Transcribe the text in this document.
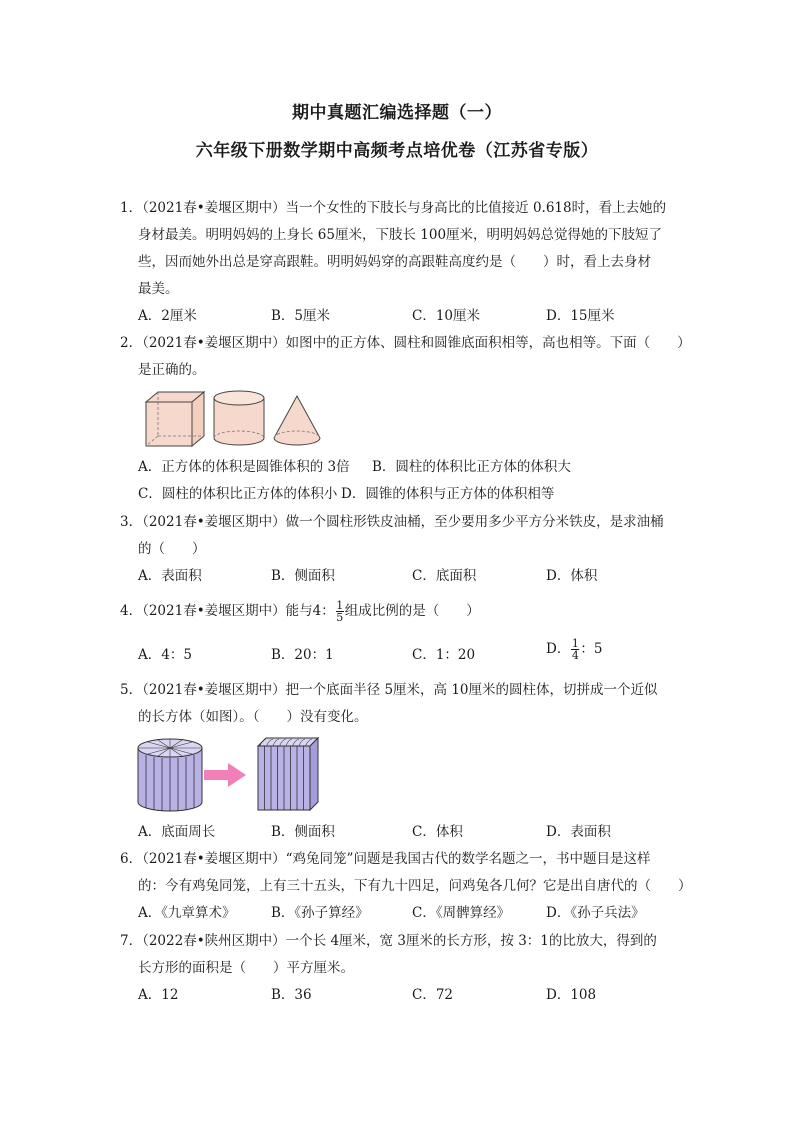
期中真题汇编选择题（一）
六年级下册数学期中高频考点培优卷（江苏省专版）
1．（2021春•姜堰区期中）当一个女性的下肢长与身高比的比值接近 0.618时，看上去她的
身材最美。明明妈妈的上身长 65厘米，下肢长 100厘米，明明妈妈总觉得她的下肢短了
些，因而她外出总是穿高跟鞋。明明妈妈穿的高跟鞋高度约是（　　）时，看上去身材
最美。
A．2厘米	B．5厘米	C．10厘米	D．15厘米
2．（2021春•姜堰区期中）如图中的正方体、圆柱和圆锥底面积相等，高也相等。下面（　　）
是正确的。
A．正方体的体积是圆锥体积的 3倍 B．圆柱的体积比正方体的体积大
C．圆柱的体积比正方体的体积小 D．圆锥的体积与正方体的体积相等
3．（2021春•姜堰区期中）做一个圆柱形铁皮油桶，至少要用多少平方分米铁皮，是求油桶
的（　　）
A．表面积	B．侧面积	C．底面积	D．体积
4．（2021春•姜堰区期中）能与4： $\frac{1}{5}$ 组成比例的是（　　）
A．4：5	B．20：1	C．1：20	D． $\frac{1}{4}$ ：5
5．（2021春•姜堰区期中）把一个底面半径 5厘米，高 10厘米的圆柱体，切拼成一个近似
的长方体（如图）。（　　）没有变化。
A．底面周长	B．侧面积	C．体积	D．表面积
6．（2021春•姜堰区期中）“鸡兔同笼”问题是我国古代的数学名题之一，书中题目是这样
的：今有鸡兔同笼，上有三十五头，下有九十四足，问鸡兔各几何？它是出自唐代的（　　）
A．《九章算术》	B．《孙子算经》	C．《周髀算经》	D．《孙子兵法》
7．（2022春•陕州区期中）一个长 4厘米，宽 3厘米的长方形，按 3：1的比放大，得到的
长方形的面积是（　　）平方厘米。
A．12	B．36	C．72	D．108
